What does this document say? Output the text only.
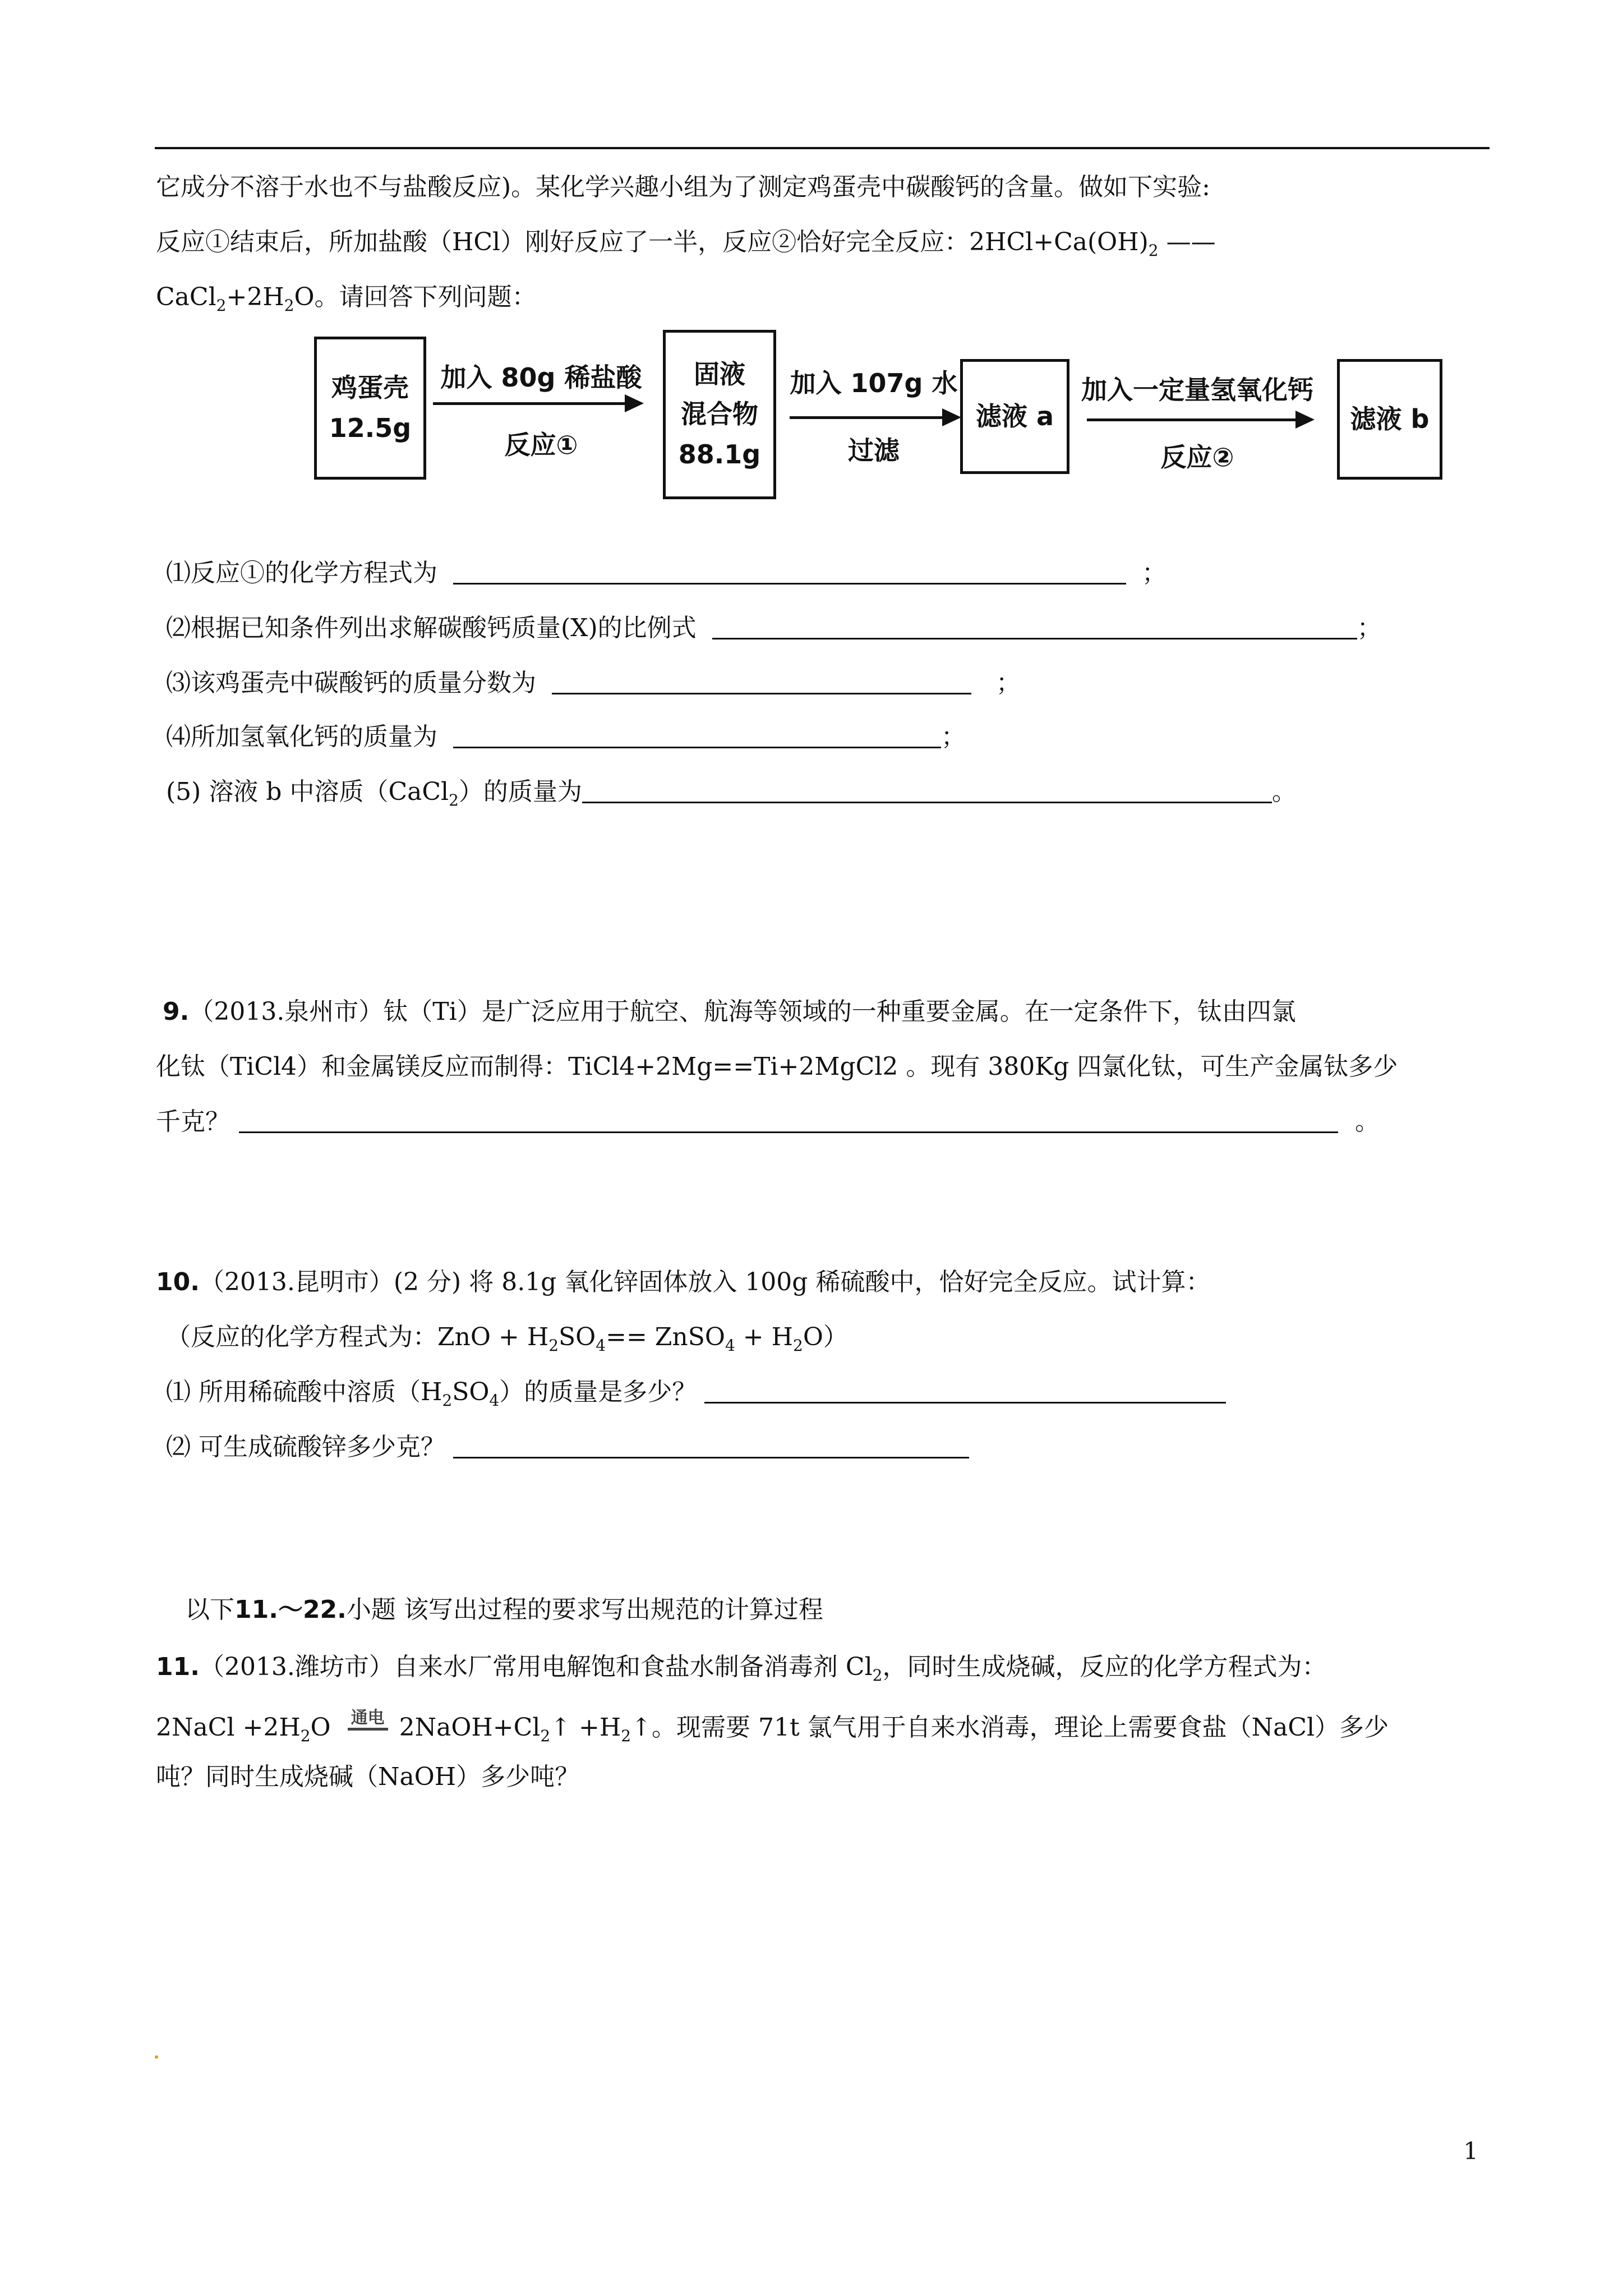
它成分不溶于水也不与盐酸反应)。某化学兴趣小组为了测定鸡蛋壳中碳酸钙的含量。做如下实验:
反应①结束后，所加盐酸（HCl）刚好反应了一半，反应②恰好完全反应：$2HCl+Ca(OH)_2$ ——
$CaCl_2+2H_2O$。请回答下列问题：
鸡蛋壳
12.5g
加入 80g 稀盐酸
反应①
固液
混合物
88.1g
加入 107g 水
过滤
滤液 a
加入一定量氢氧化钙
反应②
滤液 b
⑴反应①的化学方程式为	；
⑵根据已知条件列出求解碳酸钙质量(X)的比例式	；
⑶该鸡蛋壳中碳酸钙的质量分数为	；
⑷所加氢氧化钙的质量为	；
(5) 溶液 b 中溶质（CaCl$_2$）的质量为	。
9.（2013.泉州市）钛（Ti）是广泛应用于航空、航海等领域的一种重要金属。在一定条件下，钛由四氯
化钛（TiCl4）和金属镁反应而制得：TiCl4+2Mg==Ti+2MgCl2 。现有 380Kg 四氯化钛，可生产金属钛多少
千克？	。
10.（2013.昆明市）(2 分) 将 8.1g 氧化锌固体放入 100g 稀硫酸中，恰好完全反应。试计算：
（反应的化学方程式为：ZnO + $H_2SO_4==$ ZnSO$_4$ + $H_2O$）
⑴ 所用稀硫酸中溶质$(H_2SO_4)$的质量是多少？
⑵ 可生成硫酸锌多少克？
以下11.～22.小题 该写出过程的要求写出规范的计算过程
11.（2013.潍坊市）自来水厂常用电解饱和食盐水制备消毒剂 $Cl_2$，同时生成烧碱，反应的化学方程式为：
2NaCl $+2H_2O$ 通电 $2NaOH+Cl_2↑$ $+H_2↑$。现需要 71t 氯气用于自来水消毒，理论上需要食盐（NaCl）多少
吨？同时生成烧碱（NaOH）多少吨？
1
